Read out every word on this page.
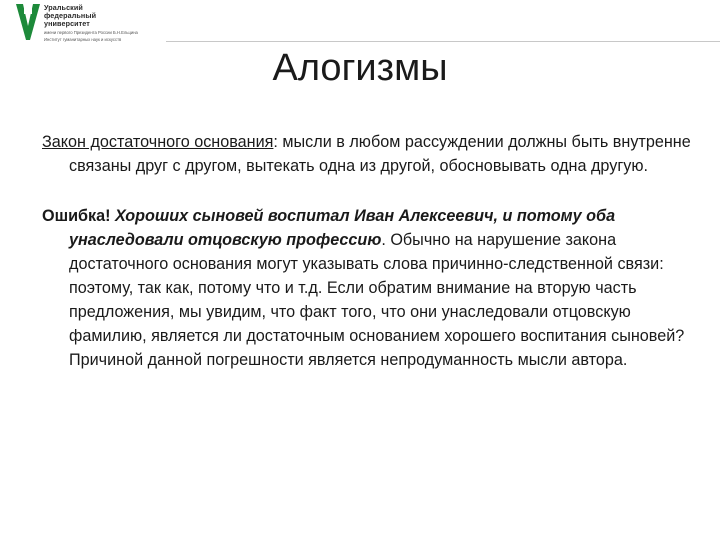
Уральский
федеральный
университет
имени первого Президента России Б.Н.Ельцина
Институт гуманитарных наук и искусств
Алогизмы

Закон достаточного основания: мысли в любом рассуждении должны быть внутренне связаны друг с другом, вытекать одна из другой, обосновывать одна другую.

Ошибка! Хороших сыновей воспитал Иван Алексеевич, и потому оба унаследовали отцовскую профессию. Обычно на нарушение закона достаточного основания могут указывать слова причинно-следственной связи: поэтому, так как, потому что и т.д. Если обратим внимание на вторую часть предложения, мы увидим, что факт того, что они унаследовали отцовскую фамилию, является ли достаточным основанием хорошего воспитания сыновей? Причиной данной погрешности является непродуманность мысли автора.
